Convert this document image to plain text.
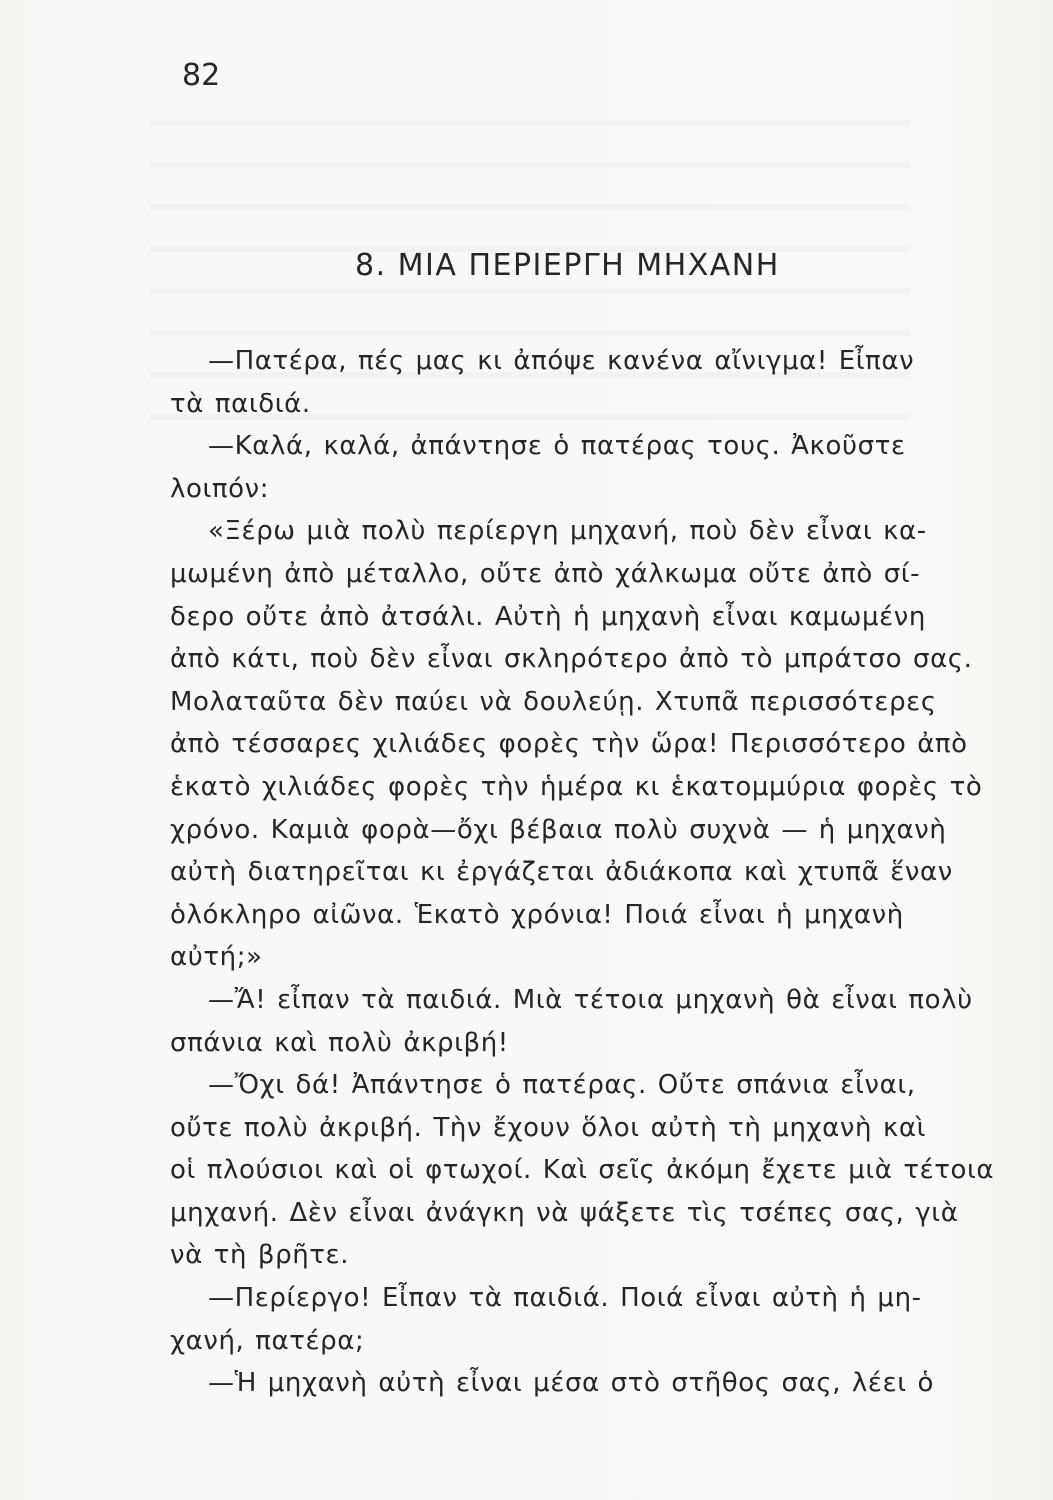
82
8. ΜΙΑ ΠΕΡΙΕΡΓΗ ΜΗΧΑΝΗ
—Πατέρα, πές μας κι ἀπόψε κανένα αἴνιγμα! Εἶπαν
τὰ παιδιά.
—Καλά, καλά, ἀπάντησε ὁ πατέρας τους. Ἀκοῦστε
λοιπόν:
«Ξέρω μιὰ πολὺ περίεργη μηχανή, ποὺ δὲν εἶναι κα-
μωμένη ἀπὸ μέταλλο, οὔτε ἀπὸ χάλκωμα οὔτε ἀπὸ σί-
δερο οὔτε ἀπὸ ἀτσάλι. Αὐτὴ ἡ μηχανὴ εἶναι καμωμένη
ἀπὸ κάτι, ποὺ δὲν εἶναι σκληρότερο ἀπὸ τὸ μπράτσο σας.
Μολαταῦτα δὲν παύει νὰ δουλεύῃ. Χτυπᾶ περισσότερες
ἀπὸ τέσσαρες χιλιάδες φορὲς τὴν ὥρα! Περισσότερο ἀπὸ
ἑκατὸ χιλιάδες φορὲς τὴν ἡμέρα κι ἑκατομμύρια φορὲς τὸ
χρόνο. Καμιὰ φορὰ—ὄχι βέβαια πολὺ συχνὰ — ἡ μηχανὴ
αὐτὴ διατηρεῖται κι ἐργάζεται ἀδιάκοπα καὶ χτυπᾶ ἕναν
ὁλόκληρο αἰῶνα. Ἑκατὸ χρόνια! Ποιά εἶναι ἡ μηχανὴ
αὐτή;»
—Ἄ! εἶπαν τὰ παιδιά. Μιὰ τέτοια μηχανὴ θὰ εἶναι πολὺ
σπάνια καὶ πολὺ ἀκριβή!
—Ὄχι δά! Ἀπάντησε ὁ πατέρας. Οὔτε σπάνια εἶναι,
οὔτε πολὺ ἀκριβή. Τὴν ἔχουν ὅλοι αὐτὴ τὴ μηχανὴ καὶ
οἱ πλούσιοι καὶ οἱ φτωχοί. Καὶ σεῖς ἀκόμη ἔχετε μιὰ τέτοια
μηχανή. Δὲν εἶναι ἀνάγκη νὰ ψάξετε τὶς τσέπες σας, γιὰ
νὰ τὴ βρῆτε.
—Περίεργο! Εἶπαν τὰ παιδιά. Ποιά εἶναι αὐτὴ ἡ μη-
χανή, πατέρα;
—Ἡ μηχανὴ αὐτὴ εἶναι μέσα στὸ στῆθος σας, λέει ὁ
